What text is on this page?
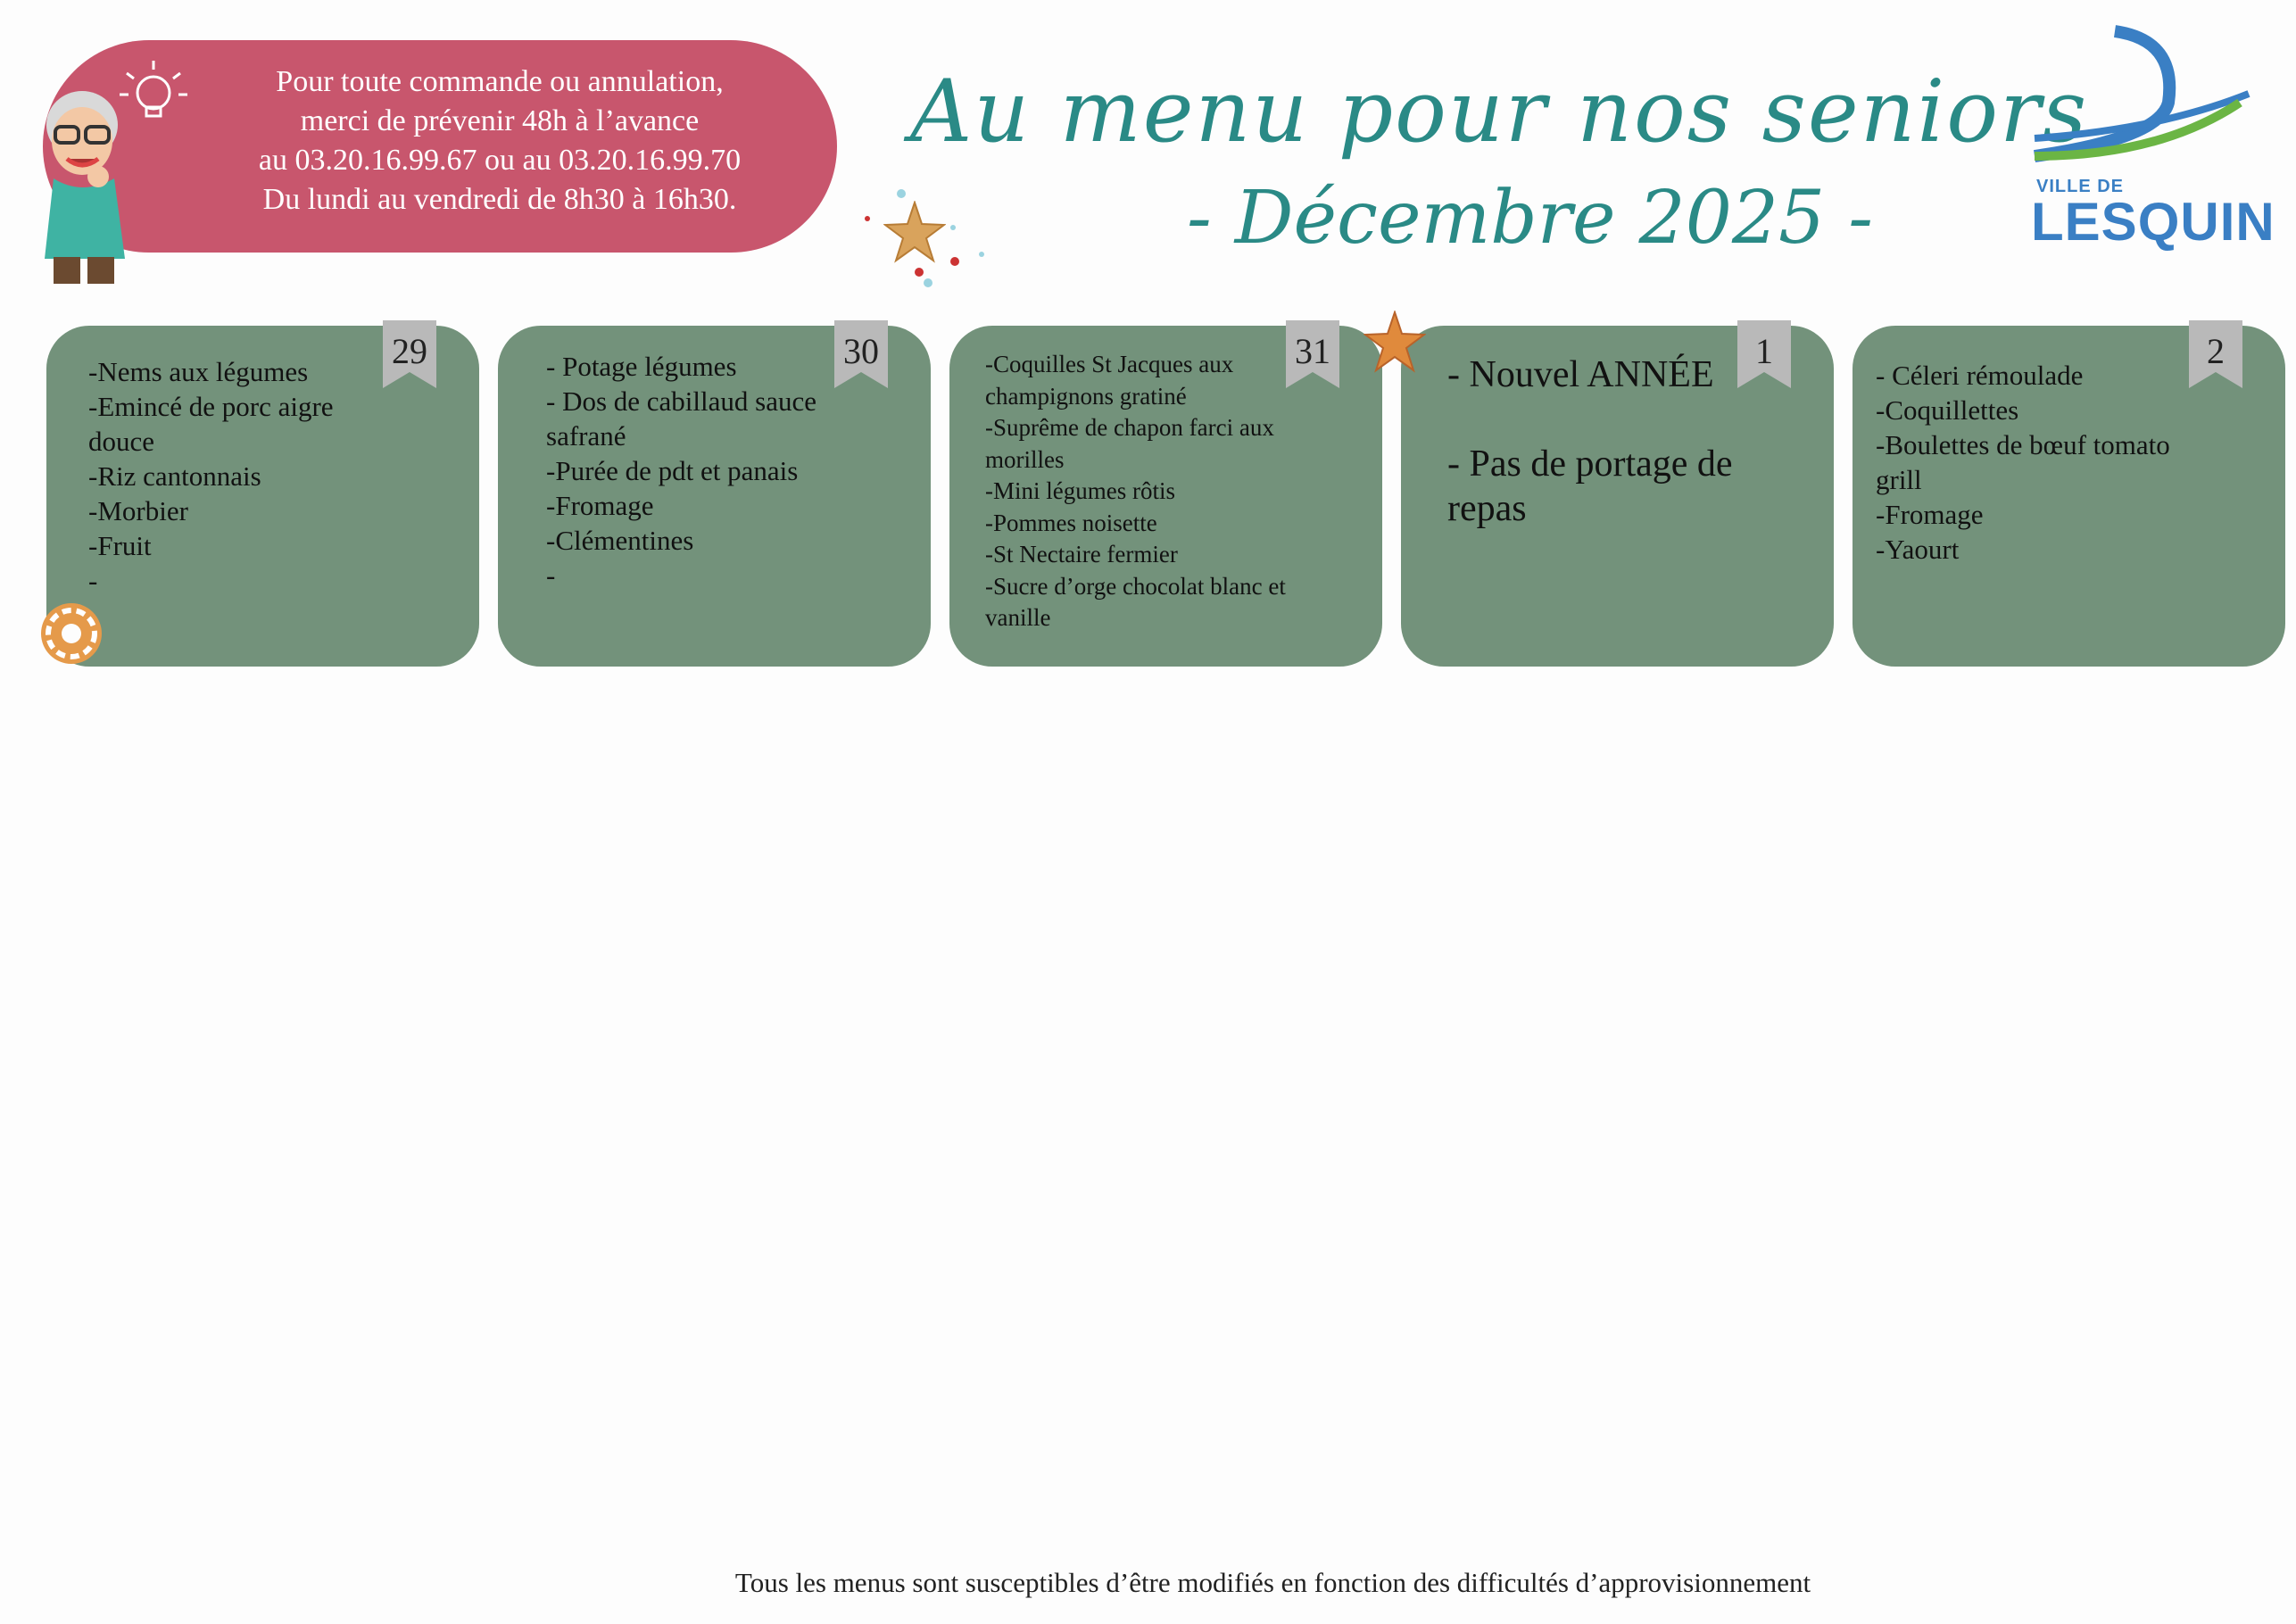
Pour toute commande ou annulation,
merci de prévenir 48h à l’avance
au 03.20.16.99.67 ou au 03.20.16.99.70
Du lundi au vendredi de 8h30 à 16h30.
Au menu pour nos seniors
- Décembre 2025 -	VILLE DE
LESQUIN
29
-Nems aux légumes
-Emincé de porc aigre
douce
-Riz cantonnais
-Morbier
-Fruit
-
30
- Potage légumes
- Dos de cabillaud sauce
safrané
-Purée de pdt et panais
-Fromage
-Clémentines
-
31
-Coquilles St Jacques aux
champignons gratiné
-Suprême de chapon farci aux
morilles
-Mini légumes rôtis
-Pommes noisette
-St Nectaire fermier
-Sucre d’orge chocolat blanc et
vanille
1
- Nouvel ANNÉE
- Pas de portage de
repas
2
- Céleri rémoulade
-Coquillettes
-Boulettes de bœuf tomato
grill
-Fromage
-Yaourt
Tous les menus sont susceptibles d’être modifiés en fonction des difficultés d’approvisionnement
